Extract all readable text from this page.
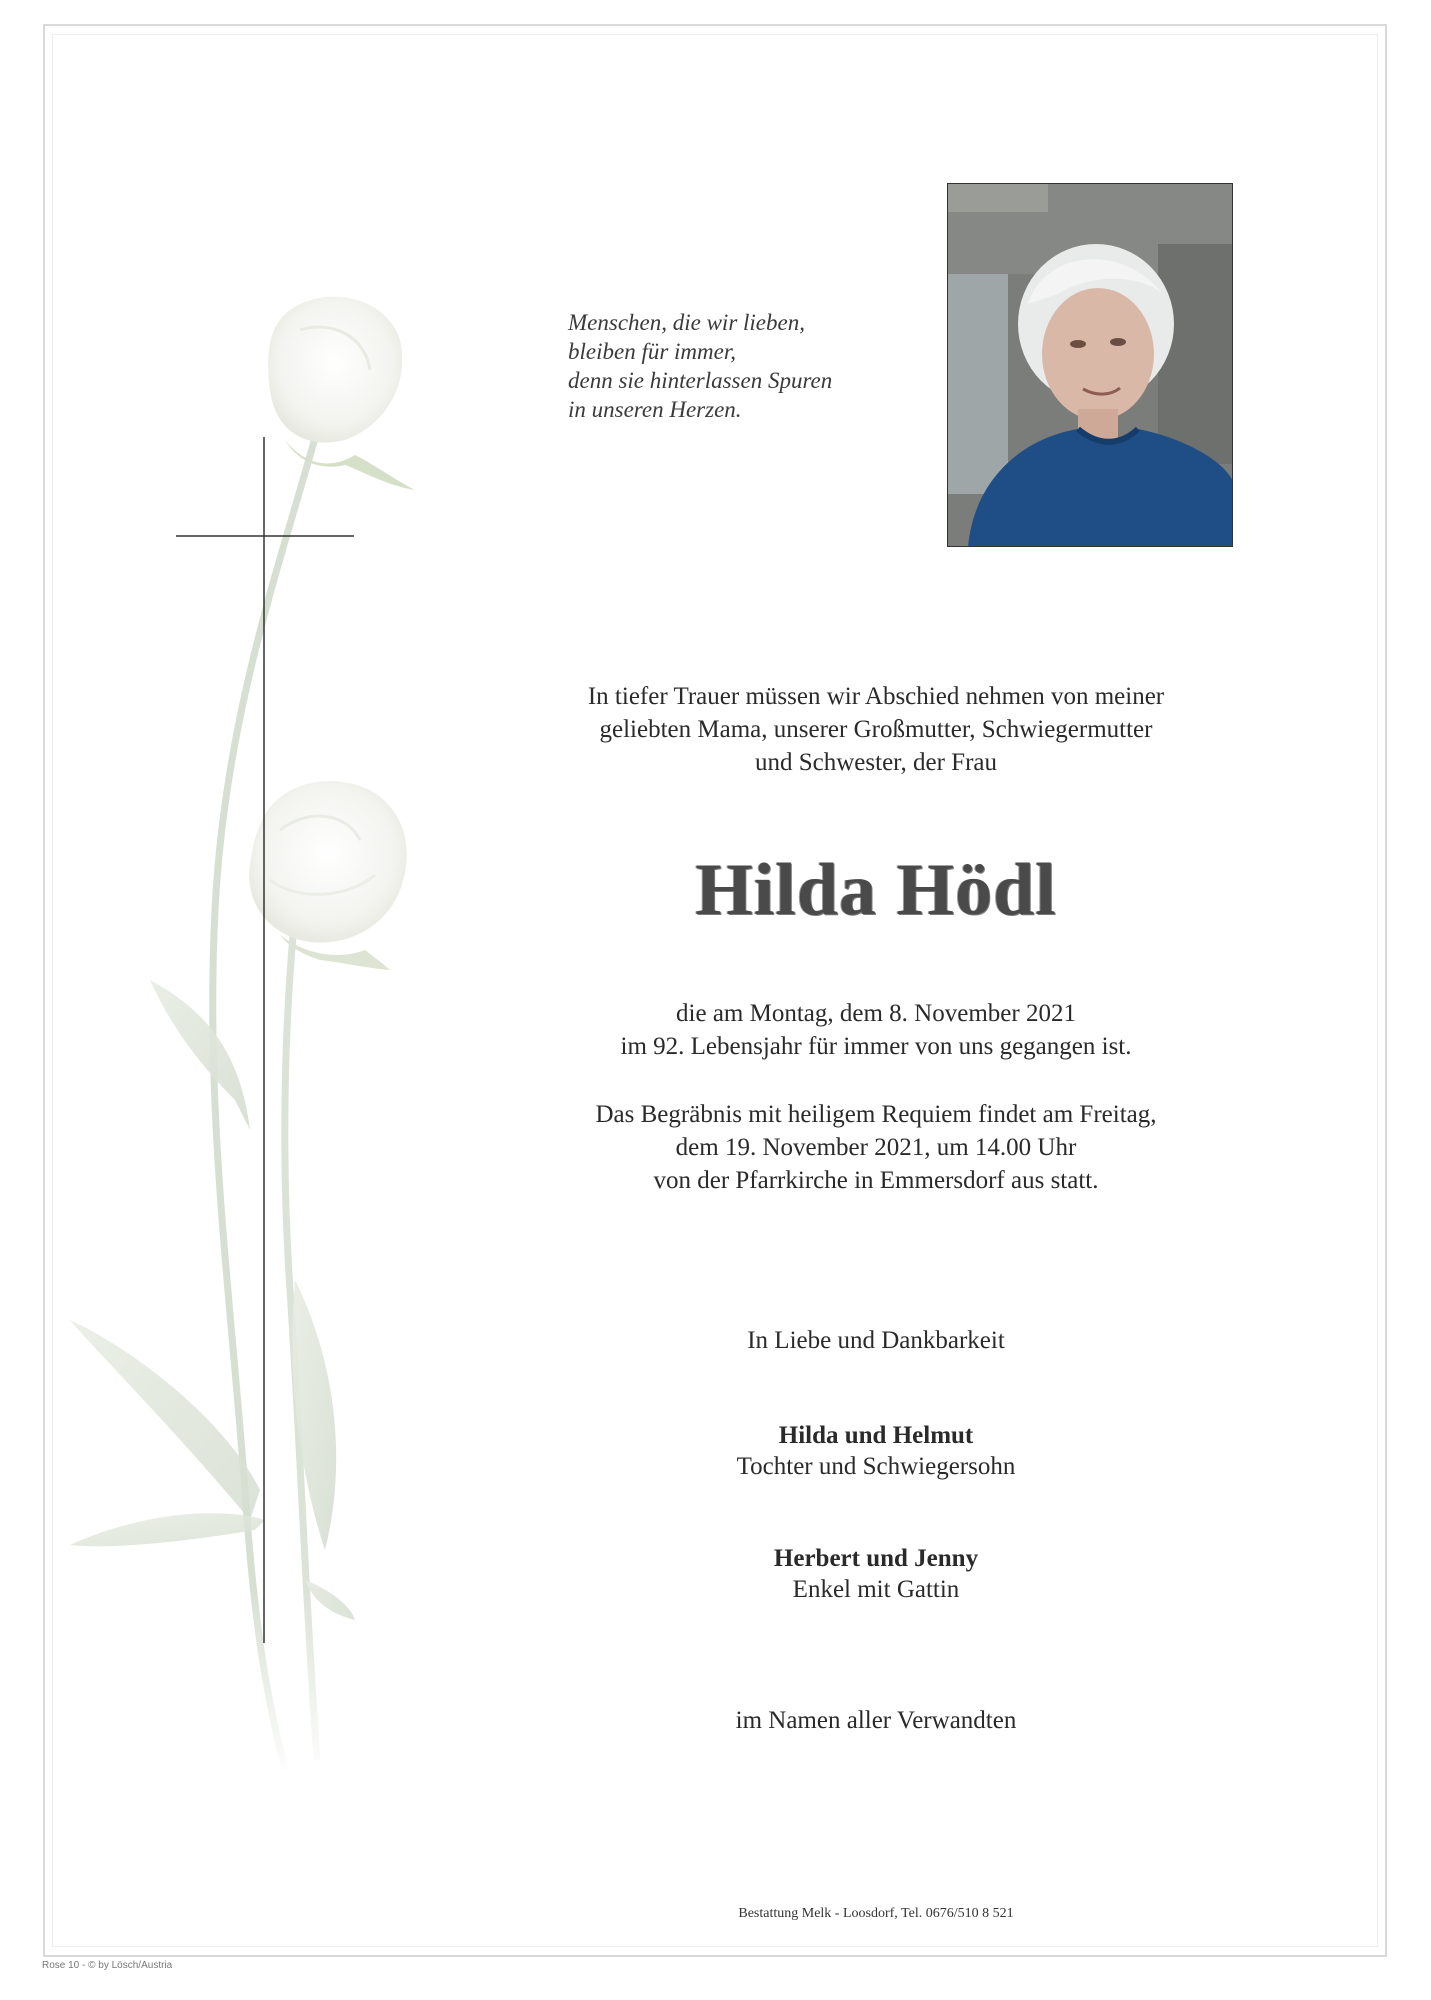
Menschen, die wir lieben,
bleiben für immer,
denn sie hinterlassen Spuren
in unseren Herzen.

In tiefer Trauer müssen wir Abschied nehmen von meiner
geliebten Mama, unserer Großmutter, Schwiegermutter
und Schwester, der Frau
Hilda Hödl
die am Montag, dem 8. November 2021
im 92. Lebensjahr für immer von uns gegangen ist.
Das Begräbnis mit heiligem Requiem findet am Freitag,
dem 19. November 2021, um 14.00 Uhr
von der Pfarrkirche in Emmersdorf aus statt.
In Liebe und Dankbarkeit
Hilda und Helmut
Tochter und Schwiegersohn
Herbert und Jenny
Enkel mit Gattin
im Namen aller Verwandten
Bestattung Melk - Loosdorf, Tel. 0676/510 8 521
Rose 10 - © by Lösch/Austria
